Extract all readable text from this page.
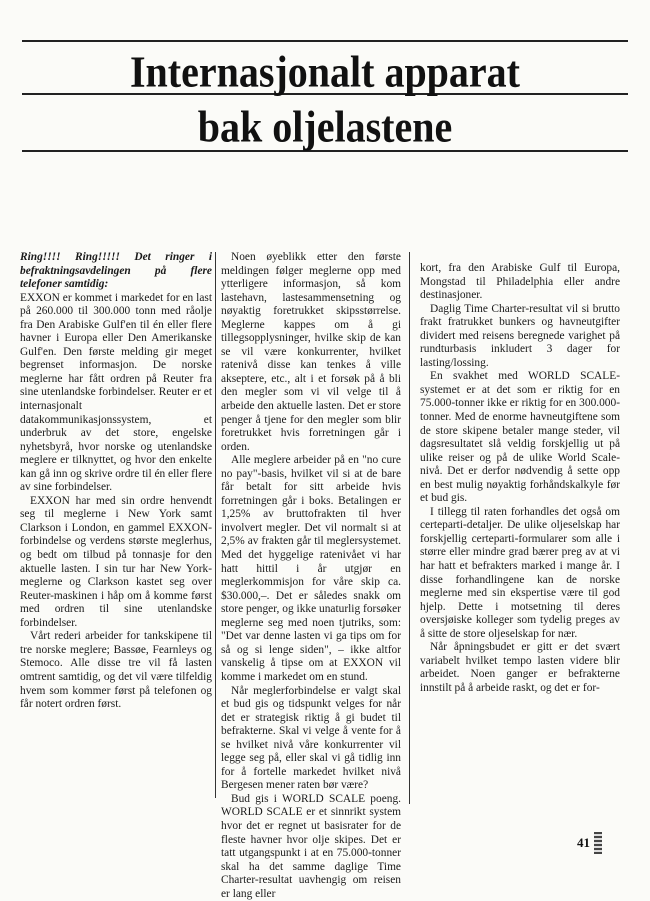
Internasjonalt apparat
bak oljelastene

Ring!!!! Ring!!!!! Det ringer i befraktningsavdelingen på flere telefoner samtidig:

EXXON er kommet i markedet for en last på 260.000 til 300.000 tonn med råolje fra Den Arabiske Gulf'en til én eller flere havner i Europa eller Den Amerikanske Gulf'en. Den første melding gir meget begrenset informasjon. De norske meglerne har fått ordren på Reuter fra sine utenlandske forbindelser. Reuter er et internasjonalt datakommunikasjonssystem, et underbruk av det store, engelske nyhetsbyrå, hvor norske og utenlandske meglere er tilknyttet, og hvor den enkelte kan gå inn og skrive ordre til én eller flere av sine forbindelser.

EXXON har med sin ordre henvendt seg til meglerne i New York samt Clarkson i London, en gammel EXXON-forbindelse og verdens største meglerhus, og bedt om tilbud på tonnasje for den aktuelle lasten. I sin tur har New York-meglerne og Clarkson kastet seg over Reuter-maskinen i håp om å komme først med ordren til sine utenlandske forbindelser.

Vårt rederi arbeider for tankskipene til tre norske meglere; Bassøe, Fearnleys og Stemoco. Alle disse tre vil få lasten omtrent samtidig, og det vil være tilfeldig hvem som kommer først på telefonen og får notert ordren først.

Noen øyeblikk etter den første meldingen følger meglerne opp med ytterligere informasjon, så kom lastehavn, lastesammensetning og nøyaktig foretrukket skipsstørrelse. Meglerne kappes om å gi tillegsopplysninger, hvilke skip de kan se vil være konkurrenter, hvilket ratenivå disse kan tenkes å ville akseptere, etc., alt i et forsøk på å bli den megler som vi vil velge til å arbeide den aktuelle lasten. Det er store penger å tjene for den megler som blir foretrukket hvis forretningen går i orden.

Alle meglere arbeider på en "no cure no pay"-basis, hvilket vil si at de bare får betalt for sitt arbeide hvis forretningen går i boks. Betalingen er 1,25% av bruttofrakten til hver involvert megler. Det vil normalt si at 2,5% av frakten går til meglersystemet. Med det hyggelige ratenivået vi har hatt hittil i år utgjør en meglerkommisjon for våre skip ca. $30.000,–. Det er således snakk om store penger, og ikke unaturlig forsøker meglerne seg med noen tjutriks, som: "Det var denne lasten vi ga tips om for så og si lenge siden", – ikke altfor vanskelig å tipse om at EXXON vil komme i markedet om en stund.

Når meglerforbindelse er valgt skal et bud gis og tidspunkt velges for når det er strategisk riktig å gi budet til befrakterne. Skal vi velge å vente for å se hvilket nivå våre konkurrenter vil legge seg på, eller skal vi gå tidlig inn for å fortelle markedet hvilket nivå Bergesen mener raten bør være?

Bud gis i WORLD SCALE poeng. WORLD SCALE er et sinnrikt system hvor det er regnet ut basisrater for de fleste havner hvor olje skipes. Det er tatt utgangspunkt i at en 75.000-tonner skal ha det samme daglige Time Charter-resultat uavhengig om reisen er lang eller

kort, fra den Arabiske Gulf til Europa, Mongstad til Philadelphia eller andre destinasjoner.

Daglig Time Charter-resultat vil si brutto frakt fratrukket bunkers og havneutgifter dividert med reisens beregnede varighet på rundturbasis inkludert 3 dager for lasting/lossing.

En svakhet med WORLD SCALE-systemet er at det som er riktig for en 75.000-tonner ikke er riktig for en 300.000-tonner. Med de enorme havneutgiftene som de store skipene betaler mange steder, vil dagsresultatet slå veldig forskjellig ut på ulike reiser og på de ulike World Scale-nivå. Det er derfor nødvendig å sette opp en best mulig nøyaktig forhåndskalkyle før et bud gis.

I tillegg til raten forhandles det også om certeparti-detaljer. De ulike oljeselskap har forskjellig certeparti-formularer som alle i større eller mindre grad bærer preg av at vi har hatt et befrakters marked i mange år. I disse forhandlingene kan de norske meglerne med sin ekspertise være til god hjelp. Dette i motsetning til deres oversjøiske kolleger som tydelig preges av å sitte de store oljeselskap for nær.

Når åpningsbudet er gitt er det svært variabelt hvilket tempo lasten videre blir arbeidet. Noen ganger er befrakterne innstilt på å arbeide raskt, og det er for-

41
